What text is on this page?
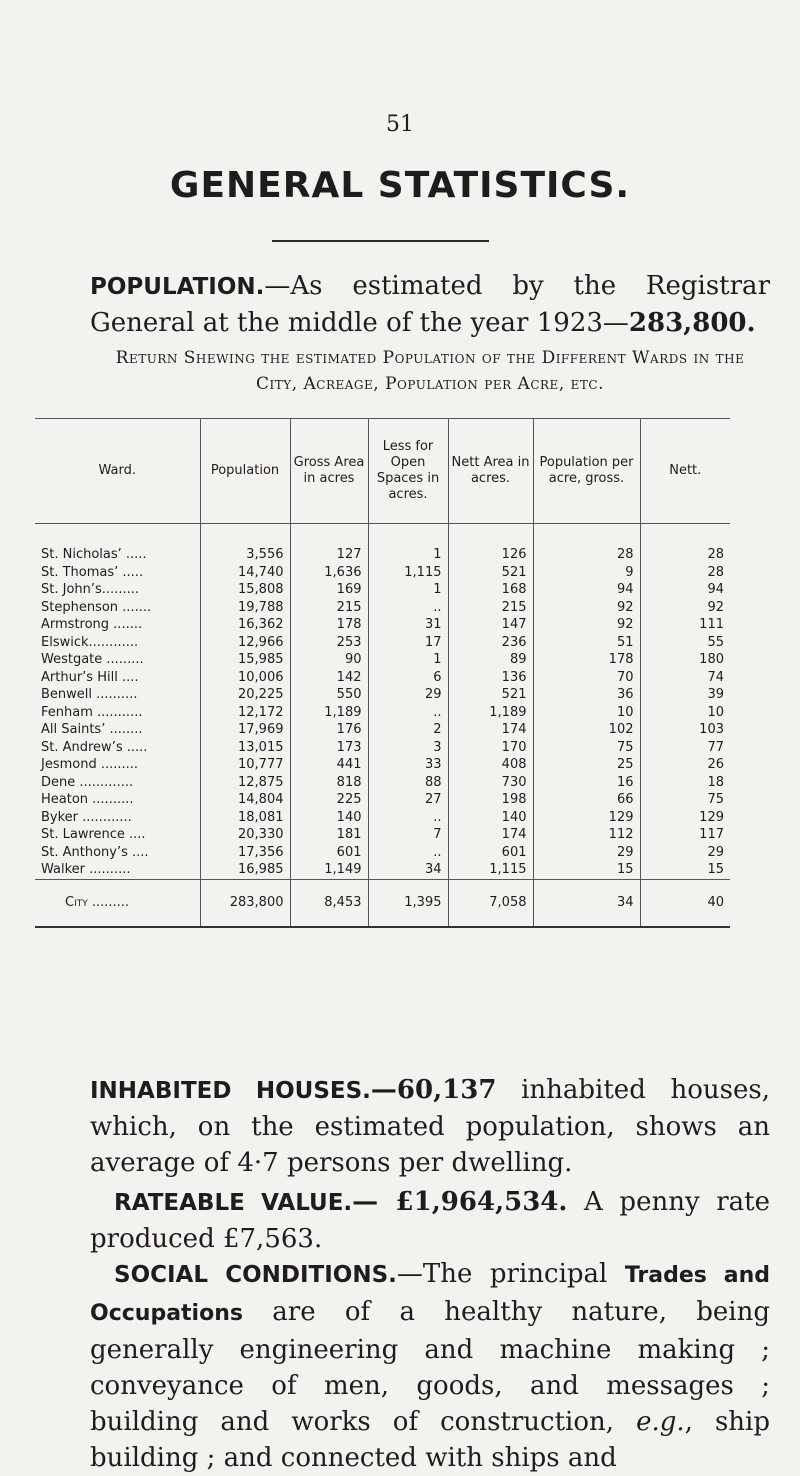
51
GENERAL STATISTICS.
POPULATION.—As estimated by the Registrar General at the middle of the year 1923—283,800.
Return Shewing the estimated Population of the Different Wards in the City, Acreage, Population per Acre, etc.
Ward.	Population	Gross Area in acres	Less for Open Spaces in acres.	Nett Area in acres.	Population per acre, gross.	Nett.
St. Nicholas’ .....	3,556	127	1	126	28	28
St. Thomas’ .....	14,740	1,636	1,115	521	9	28
St. John’s.........	15,808	169	1	168	94	94
Stephenson .......	19,788	215	..	215	92	92
Armstrong .......	16,362	178	31	147	92	111
Elswick............	12,966	253	17	236	51	55
Westgate .........	15,985	90	1	89	178	180
Arthur’s Hill ....	10,006	142	6	136	70	74
Benwell ..........	20,225	550	29	521	36	39
Fenham ...........	12,172	1,189	..	1,189	10	10
All Saints’ ........	17,969	176	2	174	102	103
St. Andrew’s .....	13,015	173	3	170	75	77
Jesmond .........	10,777	441	33	408	25	26
Dene .............	12,875	818	88	730	16	18
Heaton ..........	14,804	225	27	198	66	75
Byker ............	18,081	140	..	140	129	129
St. Lawrence ....	20,330	181	7	174	112	117
St. Anthony’s ....	17,356	601	..	601	29	29
Walker ..........	16,985	1,149	34	1,115	15	15
City .........	283,800	8,453	1,395	7,058	34	40
INHABITED HOUSES.—60,137 inhabited houses, which, on the estimated population, shows an average of 4·7 persons per dwelling.
RATEABLE VALUE.— £1,964,534. A penny rate produced £7,563.
SOCIAL CONDITIONS.—The principal Trades and Occupations are of a healthy nature, being generally engineering and machine making ; conveyance of men, goods, and messages ; building and works of construction, e.g., ship building ; and connected with ships and
